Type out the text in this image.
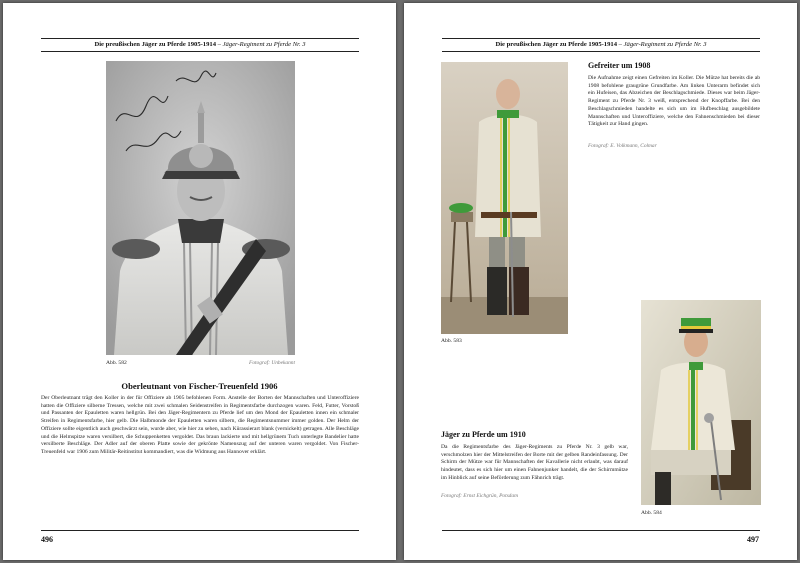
Die preußischen Jäger zu Pferde 1905-1914 – Jäger-Regiment zu Pferde Nr. 3
Abb. 582	Fotograf: Unbekannt
Oberleutnant von Fischer-Treuenfeld 1906
Der Oberleutnant trägt den Koller in der für Offiziere ab 1905 befohlenen Form. Anstelle der Borten der Mannschaften und Unteroffiziere hatten die Offiziere silberne Tressen, welche mit zwei schmalen Seidenstreifen in Regimentsfarbe durchzogen waren. Feld, Futter, Vorstoß und Passanten der Epauletten waren hellgrün. Bei den Jäger-Regimentern zu Pferde lief um den Mond der Epauletten innen ein schmaler Streifen in Regimentsfarbe, hier gelb. Die Halbmonde der Epauletten waren silbern, die Regimentsnummer immer golden. Der Helm der Offiziere sollte eigentlich auch geschwärzt sein, wurde aber, wie hier zu sehen, nach Kürassierart blank (vernickelt) getragen. Alle Beschläge und die Helmspitze waren versilbert, die Schuppenketten vergoldet. Das braun lackierte und mit hellgrünem Tuch unterlegte Bandelier hatte versilberte Beschläge. Der Adler auf der oberen Platte sowie der gekrönte Namenszug auf der unteren waren vergoldet. Von Fischer-Treuenfeld war 1906 zum Militär-Reitinstitut kommandiert, was die Widmung aus Hannover erklärt.
496
Die preußischen Jäger zu Pferde 1905-1914 – Jäger-Regiment zu Pferde Nr. 3
Abb. 583
Gefreiter um 1908
Die Aufnahme zeigt einen Gefreiten im Koller. Die Mütze hat bereits die ab 1908 befohlene graugrüne Grundfarbe. Am linken Unterarm befindet sich ein Hufeisen, das Abzeichen der Beschlagschmiede. Dieses war beim Jäger-Regiment zu Pferde Nr. 3 weiß, entsprechend der Knopffarbe. Bei den Beschlagschmieden handelte es sich um im Hufbeschlag ausgebildete Mannschaften und Unteroffiziere, welche den Fahnenschmieden bei dieser Tätigkeit zur Hand gingen.
Fotograf: E. Volkmann, Colmar
Abb. 584
Jäger zu Pferde um 1910
Da die Regimentsfarbe des Jäger-Regiments zu Pferde Nr. 3 gelb war, verschmolzen hier der Mittelstreifen der Borte mit der gelben Randeinfassung. Der Schirm der Mütze war für Mannschaften der Kavallerie nicht erlaubt, was darauf hindeutet, dass es sich hier um einen Fahnenjunker handelt, die der Schirmmütze im Hinblick auf seine Beförderung zum Fähnrich trägt.
Fotograf: Ernst Eichgrün, Potsdam
497
